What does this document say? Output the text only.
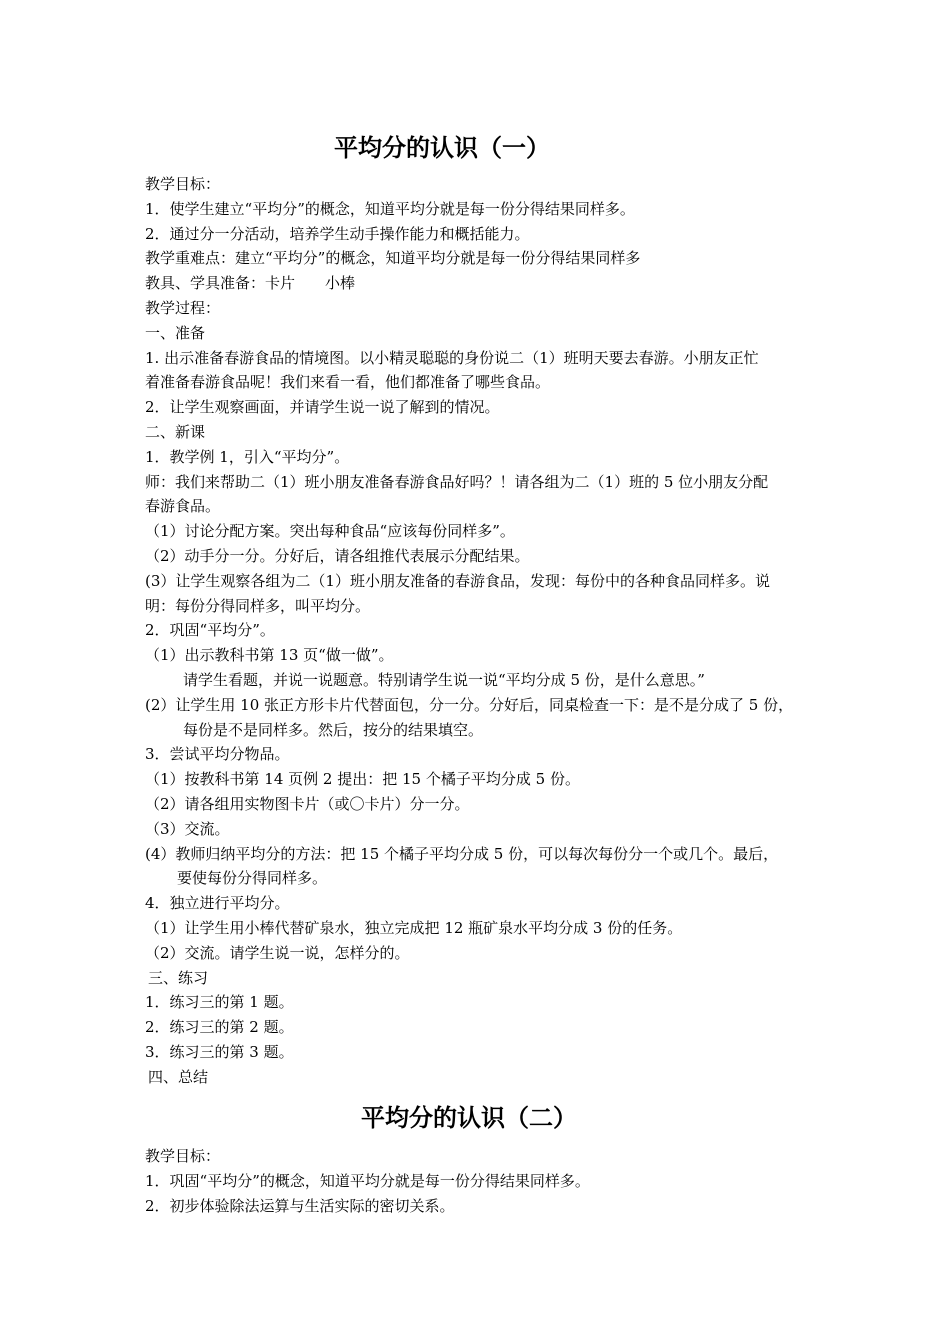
平均分的认识（一）
教学目标：
1．使学生建立“平均分”的概念，知道平均分就是每一份分得结果同样多。
2．通过分一分活动，培养学生动手操作能力和概括能力。
教学重难点：建立“平均分”的概念，知道平均分就是每一份分得结果同样多
教具、学具准备：卡片　　小棒
教学过程：
一、准备
1. 出示准备春游食品的情境图。以小精灵聪聪的身份说二（1）班明天要去春游。小朋友正忙
着准备春游食品呢！我们来看一看，他们都准备了哪些食品。
2．让学生观察画面，并请学生说一说了解到的情况。
二、新课
1．教学例 1，引入“平均分”。
师：我们来帮助二（1）班小朋友准备春游食品好吗？！请各组为二（1）班的 5 位小朋友分配
春游食品。
（1）讨论分配方案。突出每种食品“应该每份同样多”。
（2）动手分一分。分好后，请各组推代表展示分配结果。
(3）让学生观察各组为二（1）班小朋友准备的春游食品，发现：每份中的各种食品同样多。说
明：每份分得同样多，叫平均分。
2．巩固“平均分”。
（1）出示教科书第 13 页“做一做”。
请学生看题，并说一说题意。特别请学生说一说“平均分成 5 份，是什么意思。”
(2）让学生用 10 张正方形卡片代替面包，分一分。分好后，同桌检查一下：是不是分成了 5 份，
每份是不是同样多。然后，按分的结果填空。
3．尝试平均分物品。
（1）按教科书第 14 页例 2 提出：把 15 个橘子平均分成 5 份。
（2）请各组用实物图卡片（或〇卡片）分一分。
（3）交流。
(4）教师归纳平均分的方法：把 15 个橘子平均分成 5 份，可以每次每份分一个或几个。最后，
要使每份分得同样多。
4．独立进行平均分。
（1）让学生用小棒代替矿泉水，独立完成把 12 瓶矿泉水平均分成 3 份的任务。
（2）交流。请学生说一说，怎样分的。
三、练习
1．练习三的第 1 题。
2．练习三的第 2 题。
3．练习三的第 3 题。
四、总结
平均分的认识（二）
教学目标：
1．巩固“平均分”的概念，知道平均分就是每一份分得结果同样多。
2．初步体验除法运算与生活实际的密切关系。
